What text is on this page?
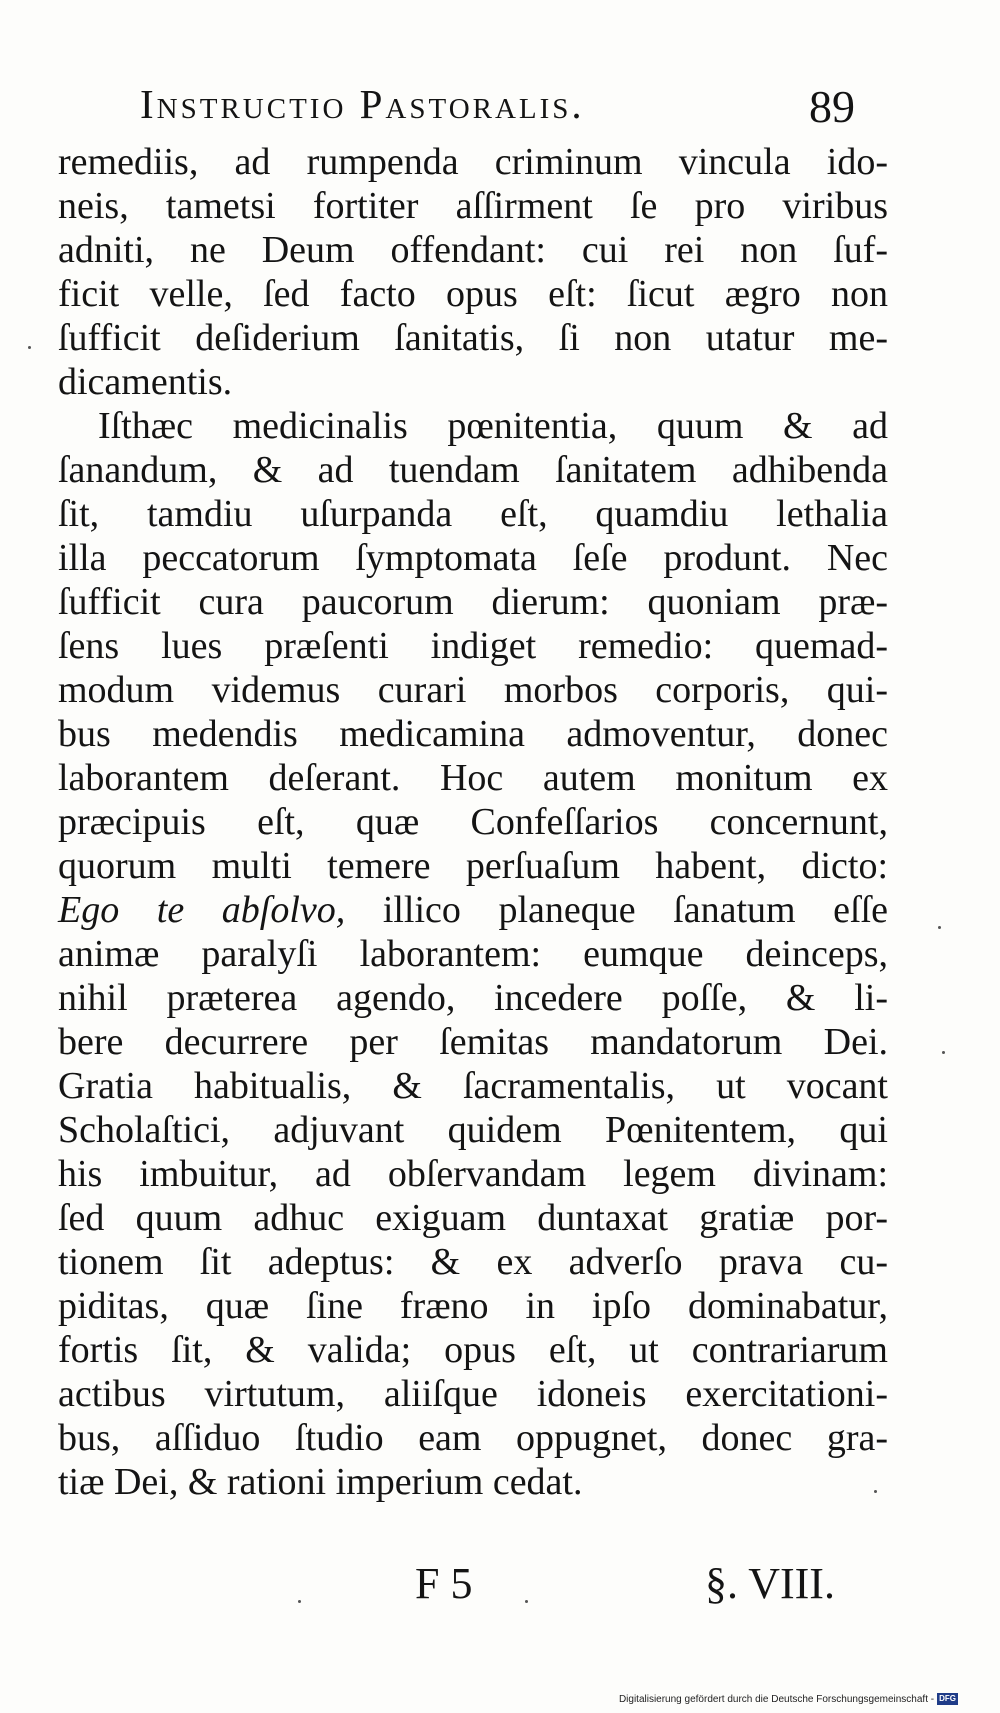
Instructio Pastoralis.	89
remediis, ad rumpenda criminum vincula ido-
neis, tametsi fortiter aſſirment ſe pro viribus
adniti, ne Deum offendant: cui rei non ſuf-
ficit velle, ſed facto opus eſt: ſicut ægro non
ſufficit deſiderium ſanitatis, ſi non utatur me-
dicamentis.
Iſthæc medicinalis pœnitentia, quum & ad
ſanandum, & ad tuendam ſanitatem adhibenda
ſit, tamdiu uſurpanda eſt, quamdiu lethalia
illa peccatorum ſymptomata ſeſe produnt. Nec
ſufficit cura paucorum dierum: quoniam præ-
ſens lues præſenti indiget remedio: quemad-
modum videmus curari morbos corporis, qui-
bus medendis medicamina admoventur, donec
laborantem deſerant. Hoc autem monitum ex
præcipuis eſt, quæ Confeſſarios concernunt,
quorum multi temere perſuaſum habent, dicto:
Ego te abſolvo, illico planeque ſanatum eſſe
animæ paralyſi laborantem: eumque deinceps,
nihil præterea agendo, incedere poſſe, & li-
bere decurrere per ſemitas mandatorum Dei.
Gratia habitualis, & ſacramentalis, ut vocant
Scholaſtici, adjuvant quidem Pœnitentem, qui
his imbuitur, ad obſervandam legem divinam:
ſed quum adhuc exiguam duntaxat gratiæ por-
tionem ſit adeptus: & ex adverſo prava cu-
piditas, quæ ſine fræno in ipſo dominabatur,
fortis ſit, & valida; opus eſt, ut contrariarum
actibus virtutum, aliiſque idoneis exercitationi-
bus, aſſiduo ſtudio eam oppugnet, donec gra-
tiæ Dei, & rationi imperium cedat.
F 5	§. VIII.
Digitalisierung gefördert durch die Deutsche Forschungsgemeinschaft - DFG
